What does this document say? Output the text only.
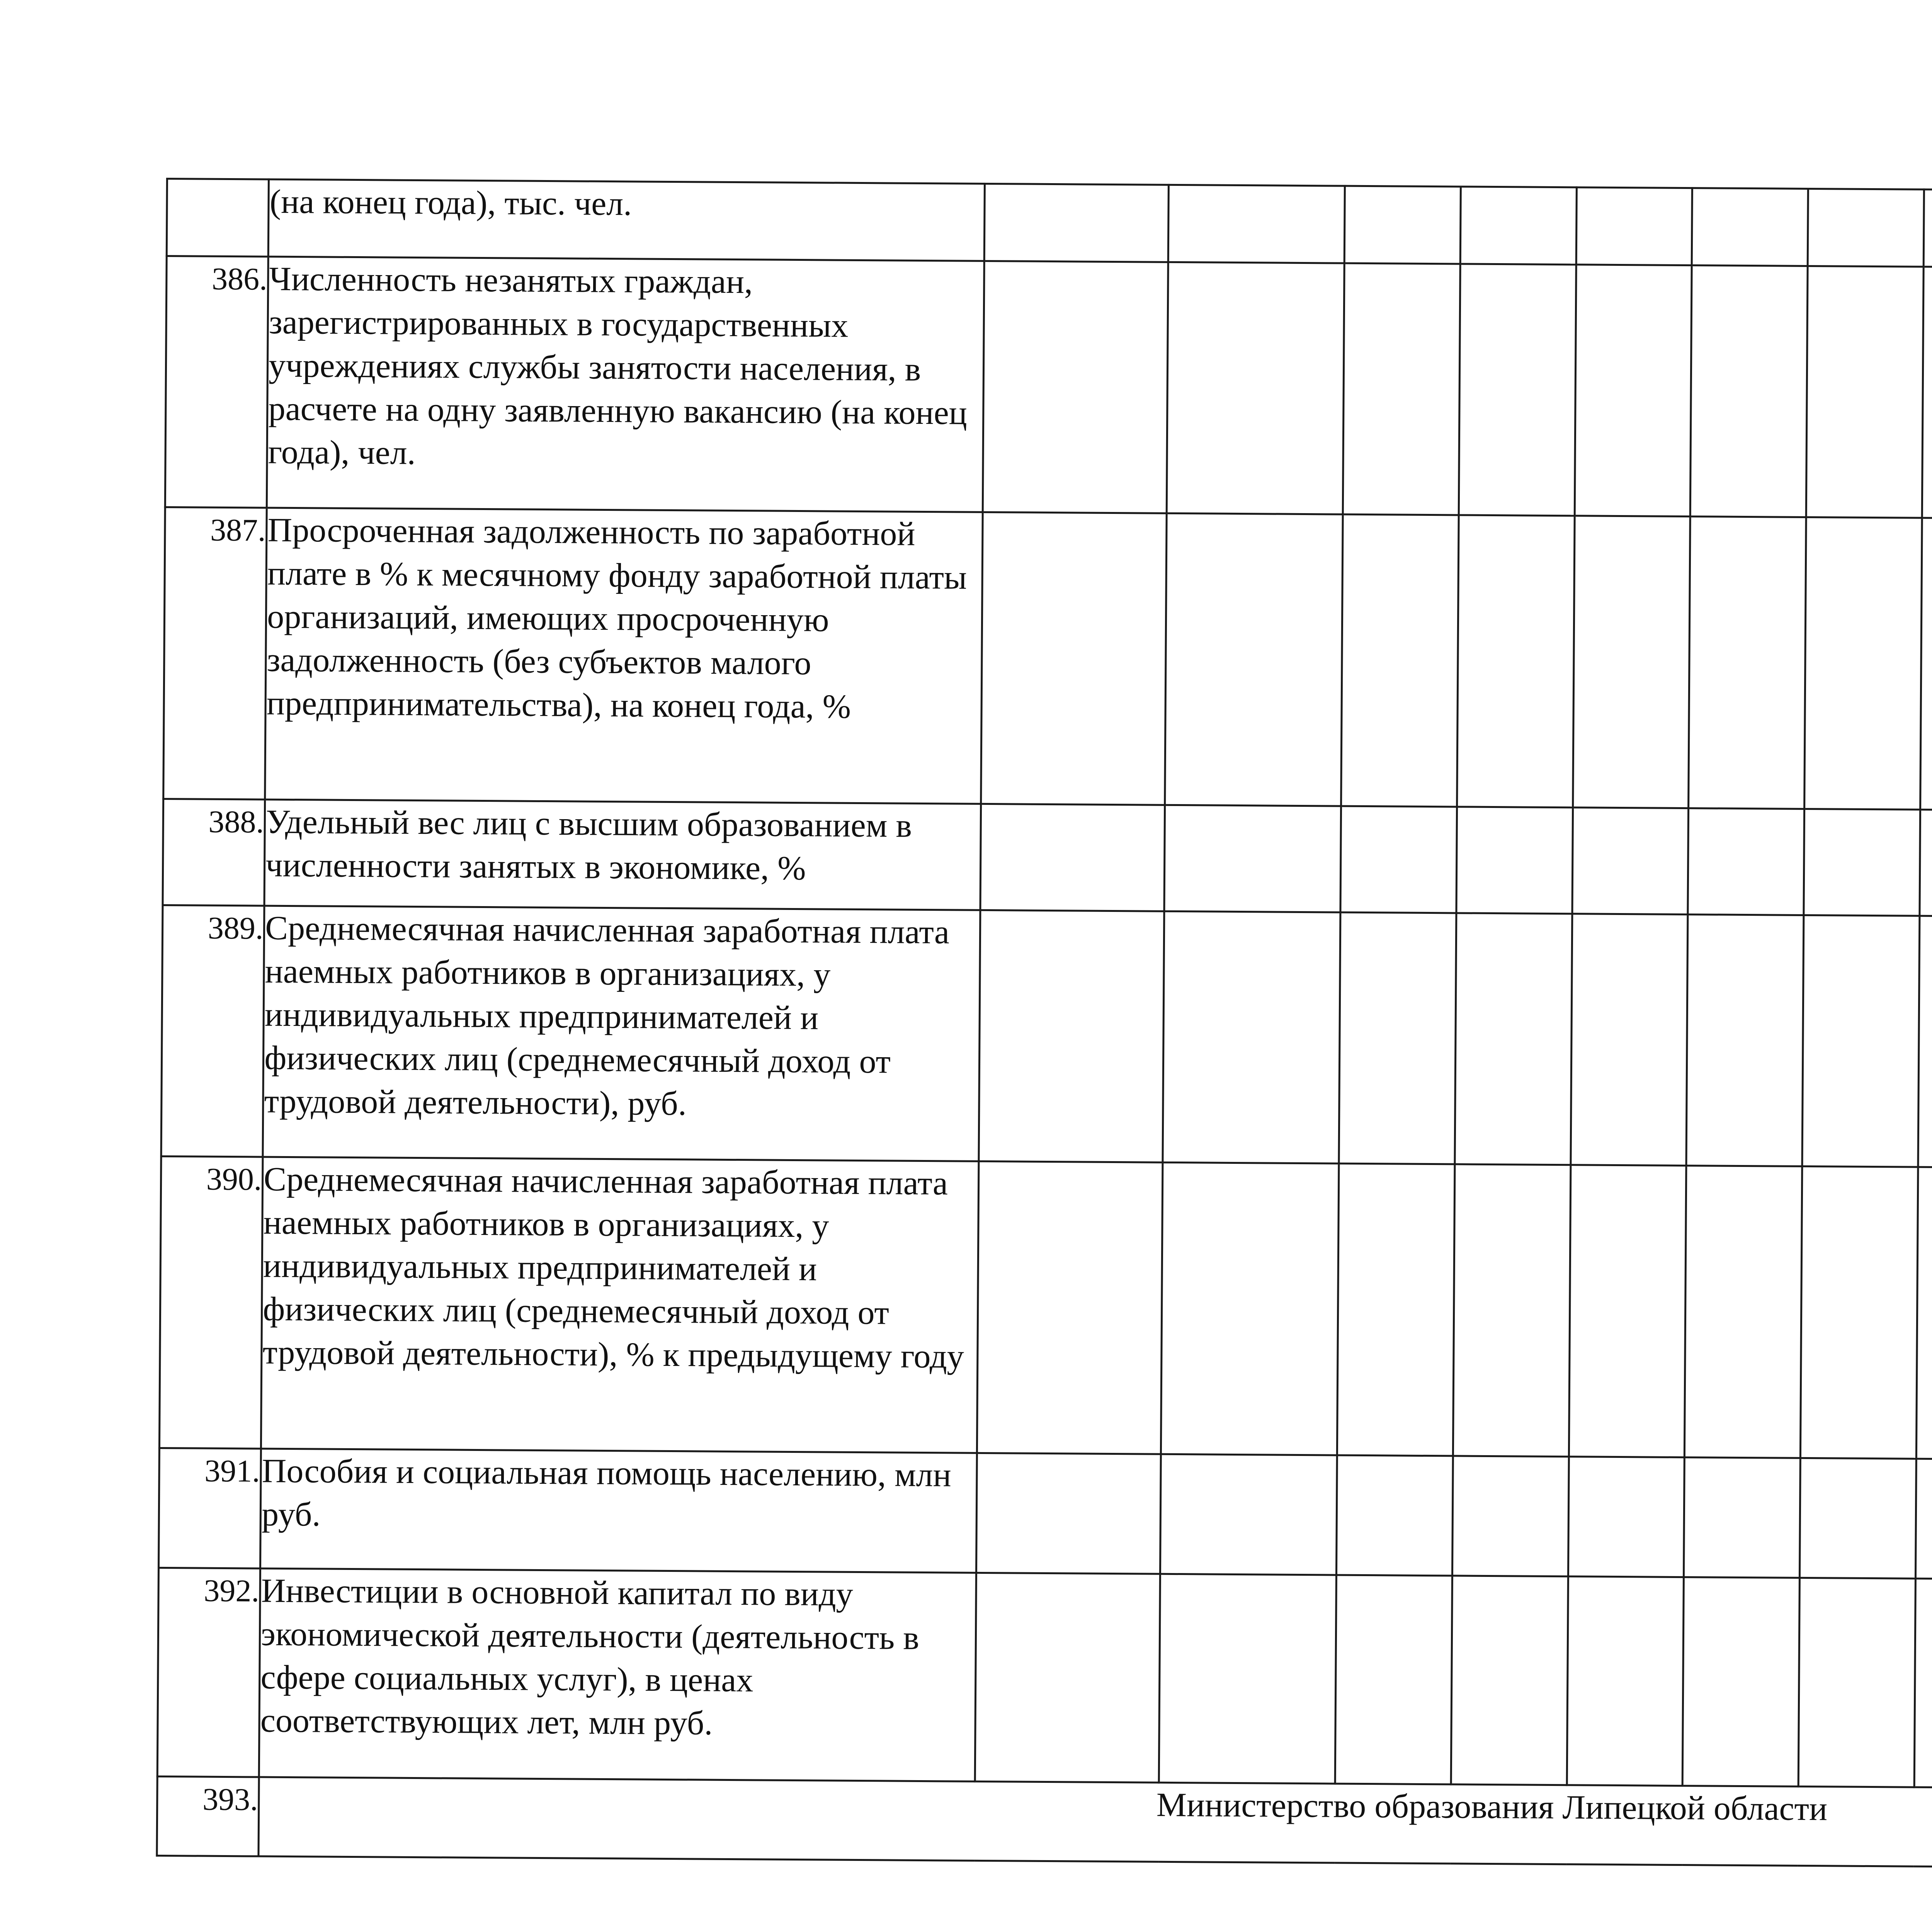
	(на конец года), тыс. чел.														
386.	Численность незанятых граждан, зарегистрированных в государственных учреждениях службы занятости населения, в расчете на одну заявленную вакансию (на конец года), чел.														
387.	Просроченная задолженность по заработной плате в % к месячному фонду заработной платы организаций, имеющих просроченную задолженность (без субъектов малого предпринимательства), на конец года, %														
388.	Удельный вес лиц с высшим образованием в численности занятых в экономике, %														
389.	Среднемесячная начисленная заработная плата наемных работников в организациях, у индивидуальных предпринимателей и физических лиц (среднемесячный доход от трудовой деятельности), руб.														
390.	Среднемесячная начисленная заработная плата наемных работников в организациях, у индивидуальных предпринимателей и физических лиц (среднемесячный доход от трудовой деятельности), % к предыдущему году														
391.	Пособия и социальная помощь населению, млн руб.														
392.	Инвестиции в основной капитал по виду экономической деятельности (деятельность в сфере социальных услуг), в ценах соответствующих лет, млн руб.														
393.	Министерство образования Липецкой области														
